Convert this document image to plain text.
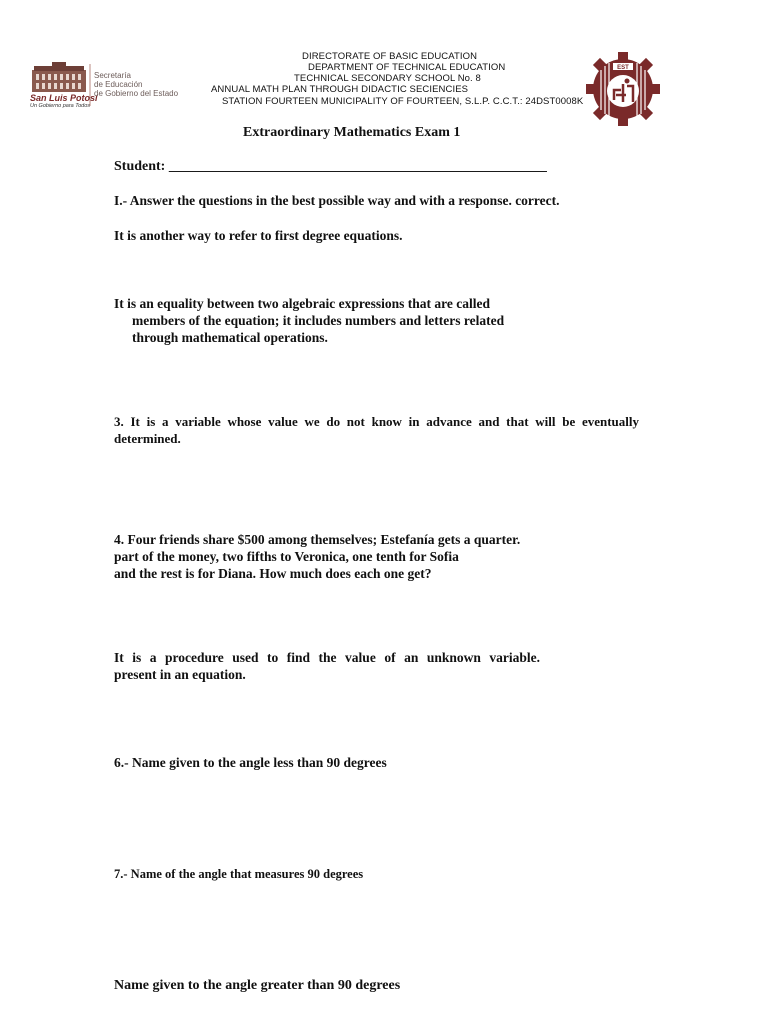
DIRECTORATE OF BASIC EDUCATION
DEPARTMENT OF TECHNICAL EDUCATION
TECHNICAL SECONDARY SCHOOL No. 8
ANNUAL MATH PLAN THROUGH DIDACTIC SECIENCIES
STATION FOURTEEN MUNICIPALITY OF FOURTEEN, S.L.P. C.C.T.: 24DST0008K
San Luis Potosí
Un Gobierno para Todos
Secretaría
de Educación
de Gobierno del Estado
EST
Extraordinary Mathematics Exam 1
Student: ______________________________________________________
I.- Answer the questions in the best possible way and with a response. correct.
It is another way to refer to first degree equations.
It is an equality between two algebraic expressions that are called
members of the equation; it includes numbers and letters related
through mathematical operations.
3. It is a variable whose value we do not know in advance and that will be eventually determined.
4. Four friends share $500 among themselves; Estefanía gets a quarter.
part of the money, two fifths to Veronica, one tenth for Sofia
and the rest is for Diana. How much does each one get?
It is a procedure used to find the value of an unknown variable.
present in an equation.
6.- Name given to the angle less than 90 degrees
7.- Name of the angle that measures 90 degrees
Name given to the angle greater than 90 degrees
